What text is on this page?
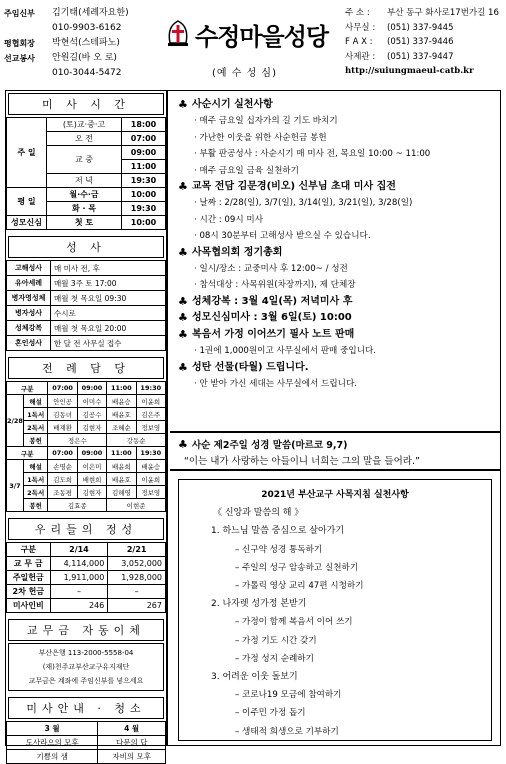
주임신부	김기태(세례자요한)
010-9903-6162
평협회장	박현석(스테파노)
선교봉사	안원길(바 오 로)
010-3044-5472
수정마을성당
(예 수 성 심)
주 소 :	부산 동구 화사로17번가길 16
사무실 :	(051) 337-9445
F A X :	(051) 337-9446
사제관 :	(051) 337-9447
http://suiungmaeul-catb.kr
미 사 시 간
주 일	(토)교·중·고	18:00
	오 전	07:00
	교 중	09:00
		11:00
	저 녁	19:30
평 일	월·수·금	10:00
	화 · 목	19:30
성모신심	첫 토	10:00
성 사
고해성사	매 미사 전, 후
유아세례	매월 3주 토 17:00
병자영성체	매월 첫 목요일 09:30
병자성사	수시로
성체강복	매월 첫 목요일 20:00
혼인성사	한 달 전 사무실 접수
전 례 담 당
구분		07:00	09:00	11:00	19:30
2/28	해설	안인공	이미수	배윤승	이윤희
	1독서	김동녀	김공수	배윤호	김은주
	2독서	배재환	김현자	조혜순	정보영
	봉헌	정은수		강동순	
구분		07:00	09:00	11:00	19:30
3/7	해설	손명순	이은미	배윤희	배윤승
	1독서	김도희	배현희	배윤호	이윤희
	2독서	조동평	김현자	김해영	정보영
	봉헌	김효종		이현준	
우리들의 정성
구분	2/14	2/21
교 무 금	4,114,000	3,052,000
주일헌금	1,911,000	1,928,000
2차 헌금	–	–
미사인비	246	267
교무금 자동이체
부산은행 113-2000-5558-04
(재)천주교부산교구유지재단
교무금은 계좌에 주임신부를 넣으세요
미사안내 · 청소
3 월	4 월
도사라으의 모후	다문의 답
기쁨의 샘	자비의 모후
♣ 사순시기 실천사항
· 매주 금요일 십자가의 길 기도 바치기
· 가난한 이웃을 위한 사순헌금 봉헌
· 부활 판공성사 : 사순시기 매 미사 전, 목요일 10:00 ~ 11:00
· 매주 금요일 금육 실천하기
♣ 교목 전담 김문경(비오) 신부님 초대 미사 집전
· 날짜 : 2/28(일), 3/7(일), 3/14(일), 3/21(일), 3/28(일)
· 시간 : 09시 미사
· 08시 30분부터 고해성사 받으실 수 있습니다.
♣ 사목협의회 정기총회
· 일시/장소 : 교중미사 후 12:00~ / 성전
· 참석대상 : 사목위원(차장까지), 제 단체장
♣ 성체강복 : 3월 4일(목) 저녁미사 후
♣ 성모신심미사 : 3월 6일(토) 10:00
♣ 복음서 가정 이어쓰기 필사 노트 판매
· 1권에 1,000원이고 사무실에서 판매 중입니다.
♣ 성탄 선물(타월) 드립니다.
· 안 받아 가신 세대는 사무실에서 드립니다.
♣ 사순 제2주일 성경 말씀(마르코 9,7)
“이는 내가 사랑하는 아들이니 너희는 그의 말을 들어라.”
2021년 부산교구 사목지침 실천사항
《 신앙과 말씀의 해 》
1. 하느님 말씀 중심으로 살아가기
– 신구약 성경 통독하기
– 주일의 성구 암송하고 실천하기
– 가톨릭 영상 교리 47편 시청하기
2. 나자렛 성가정 본받기
– 가정이 함께 복음서 이어 쓰기
– 가정 기도 시간 갖기
– 가정 성지 순례하기
3. 어려운 이웃 돌보기
– 코로나19 모금에 참여하기
– 이주민 가정 돕기
– 생태적 희생으로 기부하기
